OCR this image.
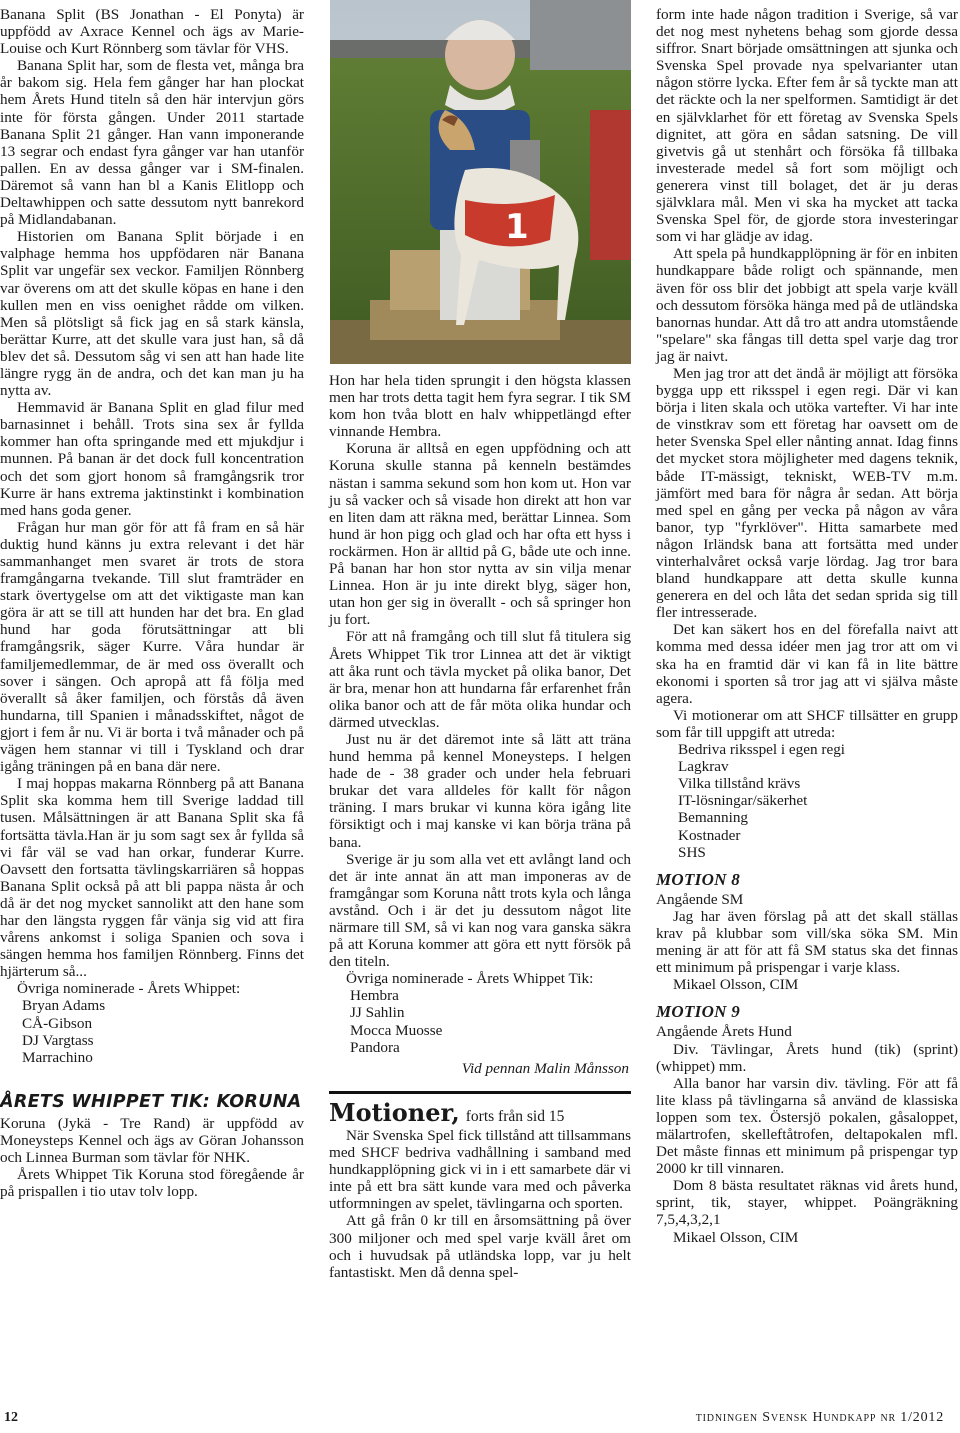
Banana Split (BS Jonathan - El Ponyta) är uppfödd av Axrace Kennel och ägs av Marie-Louise och Kurt Rönnberg som tävlar för VHS.

Banana Split har, som de flesta vet, många bra år bakom sig. Hela fem gånger har han plockat hem Årets Hund titeln så den här intervjun görs inte för första gången. Under 2011 startade Banana Split 21 gånger. Han vann imponerande 13 segrar och endast fyra gånger var han utanför pallen. En av dessa gånger var i SM-finalen. Däremot så vann han bl a Kanis Elitlopp och Deltawhippen och satte dessutom nytt banrekord på Midlandabanan.

Historien om Banana Split började i en valphage hemma hos uppfödaren när Banana Split var ungefär sex veckor. Familjen Rönnberg var överens om att det skulle köpas en hane i den kullen men en viss oenighet rådde om vilken. Men så plötsligt så fick jag en så stark känsla, berättar Kurre, att det skulle vara just han, så då blev det så. Dessutom såg vi sen att han hade lite längre rygg än de andra, och det kan man ju ha nytta av.

Hemmavid är Banana Split en glad filur med barnasinnet i behåll. Trots sina sex år fyllda kommer han ofta springande med ett mjukdjur i munnen. På banan är det dock full koncentration och det som gjort honom så framgångsrik tror Kurre är hans extrema jaktinstinkt i kombination med hans goda gener.

Frågan hur man gör för att få fram en så här duktig hund känns ju extra relevant i det här sammanhanget men svaret är trots de stora framgångarna tvekande. Till slut framträder en stark övertygelse om att det viktigaste man kan göra är att se till att hunden har det bra. En glad hund har goda förutsättningar att bli framgångsrik, säger Kurre. Våra hundar är familjemedlemmar, de är med oss överallt och sover i sängen. Och apropå att få följa med överallt så åker familjen, och förstås då även hundarna, till Spanien i månadsskiftet, något de gjort i fem år nu. Vi är borta i två månader och på vägen hem stannar vi till i Tyskland och drar igång träningen på en bana där nere.

I maj hoppas makarna Rönnberg på att Banana Split ska komma hem till Sverige laddad till tusen. Målsättningen är att Banana Split ska få fortsätta tävla.Han är ju som sagt sex år fyllda så vi får väl se vad han orkar, funderar Kurre. Oavsett den fortsatta tävlingskarriären så hoppas Banana Split också på att bli pappa nästa år och då är det nog mycket sannolikt att den hane som har den längsta ryggen får vänja sig vid att fira vårens ankomst i soliga Spanien och sova i sängen hemma hos familjen Rönnberg. Finns det hjärterum så...

Övriga nominerade - Årets Whippet:

Bryan Adams
CÅ-Gibson
DJ Vargtass
Marrachino
ÅRETS WHIPPET TIK: KORUNA

Koruna (Jykä - Tre Rand) är uppfödd av Moneysteps Kennel och ägs av Göran Johansson och Linnea Burman som tävlar för NHK.

Årets Whippet Tik Koruna stod föregående år på prispallen i tio utav tolv lopp.

1

Hon har hela tiden sprungit i den högsta klassen men har trots detta tagit hem fyra segrar. I tik SM kom hon tvåa blott en halv whippetlängd efter vinnande Hembra.

Koruna är alltså en egen uppfödning och att Koruna skulle stanna på kenneln bestämdes nästan i samma sekund som hon kom ut. Hon var ju så vacker och så visade hon direkt att hon var en liten dam att räkna med, berättar Linnea. Som hund är hon pigg och glad och har ofta ett hyss i rockärmen. Hon är alltid på G, både ute och inne. På banan har hon stor nytta av sin vilja menar Linnea. Hon är ju inte direkt blyg, säger hon, utan hon ger sig in överallt - och så springer hon ju fort.

För att nå framgång och till slut få titulera sig Årets Whippet Tik tror Linnea att det är viktigt att åka runt och tävla mycket på olika banor, Det är bra, menar hon att hundarna får erfarenhet från olika banor och att de får möta olika hundar och därmed utvecklas.

Just nu är det däremot inte så lätt att träna hund hemma på kennel Moneysteps. I helgen hade de - 38 grader och under hela februari brukar det vara alldeles för kallt för någon träning. I mars brukar vi kunna köra igång lite försiktigt och i maj kanske vi kan börja träna på bana.

Sverige är ju som alla vet ett avlångt land och det är inte annat än att man imponeras av de framgångar som Koruna nått trots kyla och långa avstånd. Och i är det ju dessutom något lite närmare till SM, så vi kan nog vara ganska säkra på att Koruna kommer att göra ett nytt försök på den titeln.

Övriga nominerade - Årets Whippet Tik:

Hembra
JJ Sahlin
Mocca Muosse
Pandora
Vid pennan Malin Månsson
Motioner, forts från sid 15

När Svenska Spel fick tillstånd att tillsammans med SHCF bedriva vadhållning i samband med hundkapplöpning gick vi in i ett samarbete där vi inte på ett bra sätt kunde vara med och påverka utformningen av spelet, tävlingarna och sporten.

Att gå från 0 kr till en årsomsättning på över 300 miljoner och med spel varje kväll året om och i huvudsak på utländska lopp, var ju helt fantastiskt. Men då denna spel-

form inte hade någon tradition i Sverige, så var det nog mest nyhetens behag som gjorde dessa siffror. Snart började omsättningen att sjunka och Svenska Spel provade nya spelvarianter utan någon större lycka. Efter fem år så tyckte man att det räckte och la ner spelformen. Samtidigt är det en självklarhet för ett företag av Svenska Spels dignitet, att göra en sådan satsning. De vill givetvis gå ut stenhårt och försöka få tillbaka investerade medel så fort som möjligt och generera vinst till bolaget, det är ju deras självklara mål. Men vi ska ha mycket att tacka Svenska Spel för, de gjorde stora investeringar som vi har glädje av idag.

Att spela på hundkapplöpning är för en inbiten hundkappare både roligt och spännande, men även för oss blir det jobbigt att spela varje kväll och dessutom försöka hänga med på de utländska banornas hundar. Att då tro att andra utomstående "spelare" ska fångas till detta spel varje dag tror jag är naivt.

Men jag tror att det ändå är möjligt att försöka bygga upp ett riksspel i egen regi. Där vi kan börja i liten skala och utöka vartefter. Vi har inte de vinstkrav som ett företag har oavsett om de heter Svenska Spel eller nånting annat. Idag finns det mycket stora möjligheter med dagens teknik, både IT-mässigt, tekniskt, WEB-TV m.m. jämfört med bara för några år sedan. Att börja med spel en gång per vecka på någon av våra banor, typ "fyrklöver". Hitta samarbete med någon Irländsk bana att fortsätta med under vinterhalvåret också varje lördag. Jag tror bara bland hundkappare att detta skulle kunna generera en del och låta det sedan sprida sig till fler intresserade.

Det kan säkert hos en del förefalla naivt att komma med dessa idéer men jag tror att om vi ska ha en framtid där vi kan få in lite bättre ekonomi i sporten så tror jag att vi själva måste agera.

Vi motionerar om att SHCF tillsätter en grupp som får till uppgift att utreda:

Bedriva riksspel i egen regi
Lagkrav
Vilka tillstånd krävs
IT-lösningar/säkerhet
Bemanning
Kostnader
SHS
MOTION 8

Angående SM

Jag har även förslag på att det skall ställas krav på klubbar som vill/ska söka SM. Min mening är att för att få SM status ska det finnas ett minimum på prispengar i varje klass.

Mikael Olsson, CIM

MOTION 9

Angående Årets Hund

Div. Tävlingar, Årets hund (tik) (sprint) (whippet) mm.

Alla banor har varsin div. tävling. För att få lite klass på tävlingarna så använd de klassiska loppen som tex. Östersjö pokalen, gåsaloppet, mälartrofen, skelleftåtrofen, deltapokalen mfl. Det måste finnas ett minimum på prispengar typ 2000 kr till vinnaren.

Dom 8 bästa resultatet räknas vid årets hund, sprint, tik, stayer, whippet. Poängräkning 7,5,4,3,2,1

Mikael Olsson, CIM

12	tidningen Svensk Hundkapp nr 1/2012
